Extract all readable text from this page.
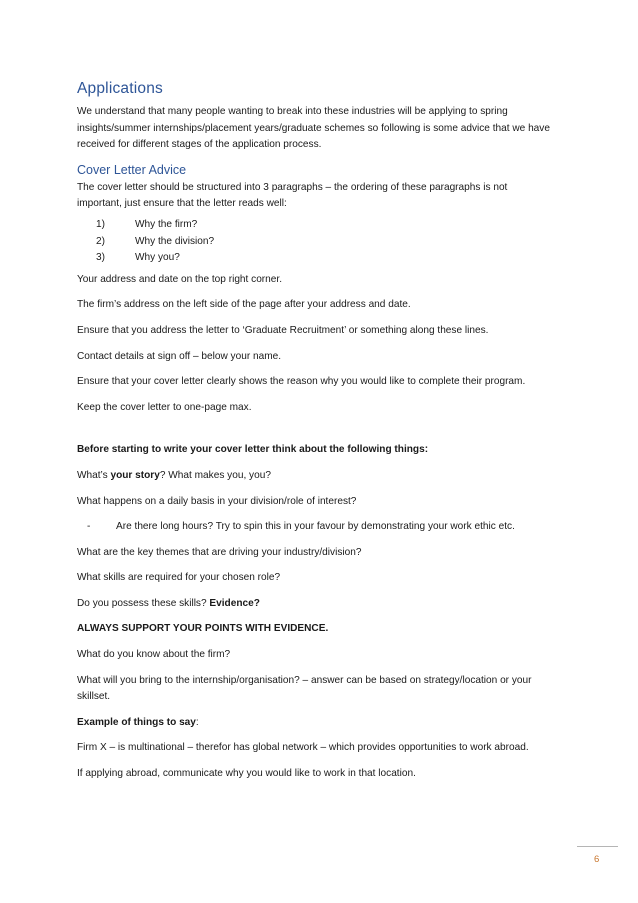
Applications

We understand that many people wanting to break into these industries will be applying to spring insights/summer internships/placement years/graduate schemes so following is some advice that we have received for different stages of the application process.

Cover Letter Advice

The cover letter should be structured into 3 paragraphs – the ordering of these paragraphs is not important, just ensure that the letter reads well:

1)	Why the firm?
2)	Why the division?
3)	Why you?

Your address and date on the top right corner.

The firm’s address on the left side of the page after your address and date.

Ensure that you address the letter to ‘Graduate Recruitment’ or something along these lines.

Contact details at sign off – below your name.

Ensure that your cover letter clearly shows the reason why you would like to complete their program.

Keep the cover letter to one-page max.

Before starting to write your cover letter think about the following things:

What’s your story? What makes you, you?

What happens on a daily basis in your division/role of interest?

-	Are there long hours? Try to spin this in your favour by demonstrating your work ethic etc.

What are the key themes that are driving your industry/division?

What skills are required for your chosen role?

Do you possess these skills? Evidence?

ALWAYS SUPPORT YOUR POINTS WITH EVIDENCE.

What do you know about the firm?

What will you bring to the internship/organisation? – answer can be based on strategy/location or your skillset.

Example of things to say:

Firm X – is multinational – therefor has global network – which provides opportunities to work abroad.

If applying abroad, communicate why you would like to work in that location.

6
